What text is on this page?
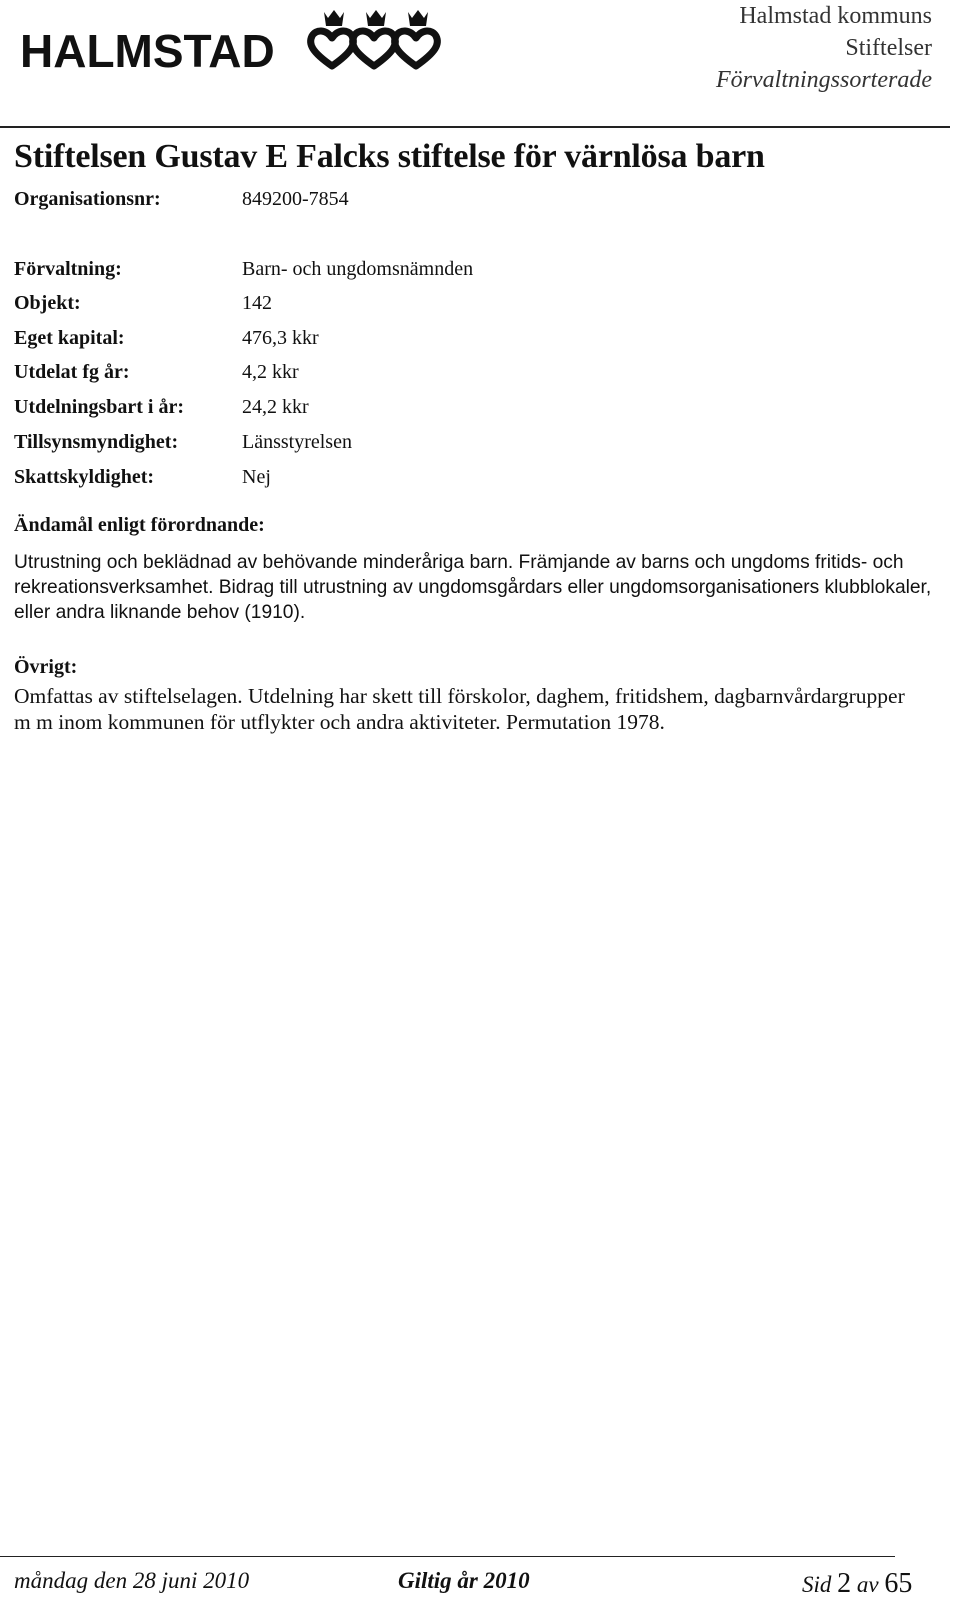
HALMSTAD
Halmstad kommuns
Stiftelser
Förvaltningssorterade
Stiftelsen Gustav E Falcks stiftelse för värnlösa barn
Organisationsnr:	849200-7854
Förvaltning:	Barn- och ungdomsnämnden
Objekt:	142
Eget kapital:	476,3 kkr
Utdelat fg år:	4,2 kkr
Utdelningsbart i år:	24,2 kkr
Tillsynsmyndighet:	Länsstyrelsen
Skattskyldighet:	Nej
Ändamål enligt förordnande:

Utrustning och beklädnad av behövande minderåriga barn. Främjande av barns och ungdoms fritids- och rekreationsverksamhet. Bidrag till utrustning av ungdomsgårdars eller ungdomsorganisationers klubblokaler, eller andra liknande behov (1910).

Övrigt:

Omfattas av stiftelselagen. Utdelning har skett till förskolor, daghem, fritidshem, dagbarnvårdargrupper m m inom kommunen för utflykter och andra aktiviteter. Permutation 1978.

måndag den 28 juni 2010	Giltig år 2010	Sid 2 av 65
